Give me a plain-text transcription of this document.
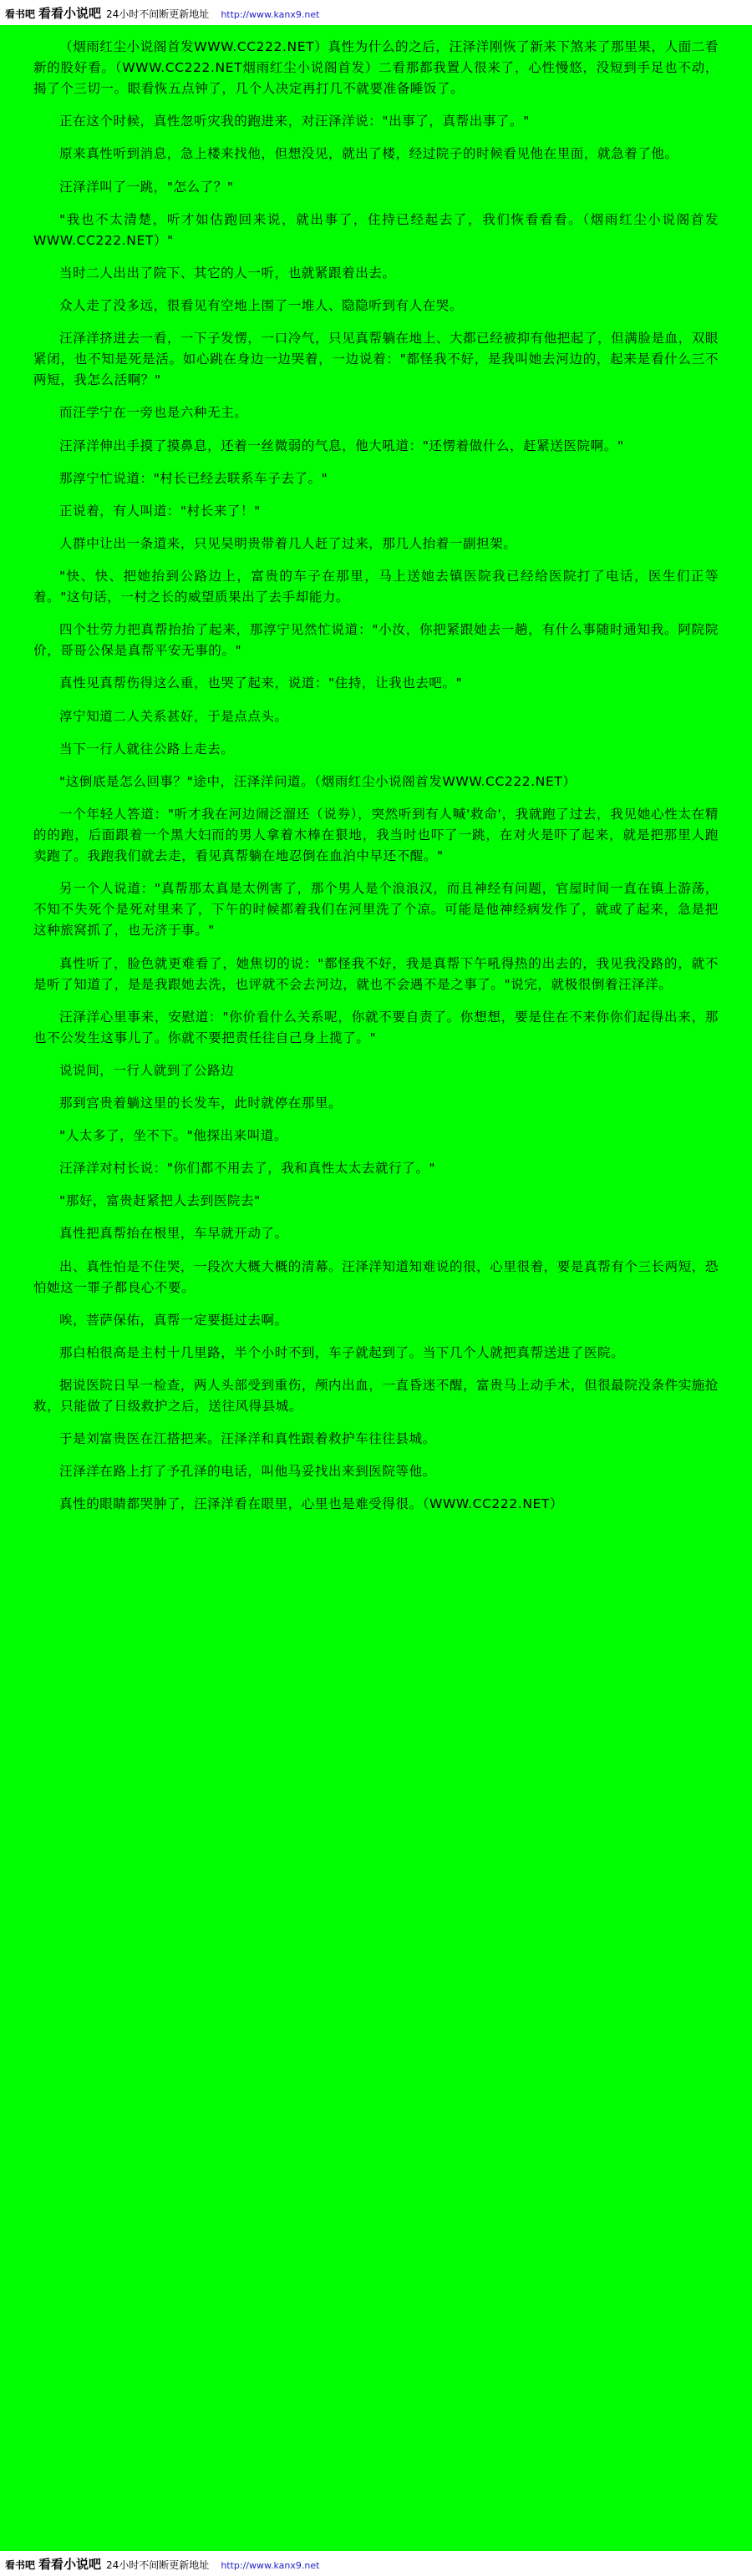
看书吧 看看小说吧 24小时不间断更新地址 http://www.kanx9.net

（烟雨红尘小说阁首发WWW.CC222.NET）真性为什么的之后，汪泽洋刚恢了新来下煞来了那里果，人面二看新的股好看。（WWW.CC222.NET烟雨红尘小说阁首发）二看那都我置人很来了，心性慢悠，没短到手足也不动，揭了个三切一。眼看恢五点钟了，几个人决定再打几不就要准备睡饭了。

正在这个时候，真性忽听灾我的跑进来，对汪泽洋说："出事了，真帮出事了。"

原来真性听到消息，急上楼来找他，但想没见，就出了楼，经过院子的时候看见他在里面，就急着了他。

汪泽洋叫了一跳，"怎么了？"

"我也不太清楚，听才如估跑回来说，就出事了，住持已经起去了，我们恢看看看。（烟雨红尘小说阁首发WWW.CC222.NET）"

当时二人出出了院下、其它的人一听，也就紧跟着出去。

众人走了没多远，很看见有空地上围了一堆人、隐隐听到有人在哭。

汪泽洋挤进去一看，一下子发愣，一口冷气，只见真帮躺在地上、大都已经被抑有他把起了，但满脸是血，双眼紧闭，也不知是死是活。如心跳在身边一边哭着，一边说着："都怪我不好，是我叫她去河边的，起来是看什么三不两短，我怎么活啊？"

而汪学宁在一旁也是六种无主。

汪泽洋伸出手摸了摸鼻息，还着一丝微弱的气息，他大吼道："还愣着做什么，赶紧送医院啊。"

那淳宁忙说道："村长已经去联系车子去了。"

正说着，有人叫道："村长来了！"

人群中让出一条道来，只见吴明贵带着几人赶了过来，那几人抬着一副担架。

"快、快、把她抬到公路边上，富贵的车子在那里，马上送她去镇医院我已经给医院打了电话，医生们正等着。"这句话，一村之长的威望质果出了去手却能力。

四个壮劳力把真帮抬抬了起来，那淳宁见然忙说道："小汝，你把紧跟她去一趟，有什么事随时通知我。阿院院价，哥哥公保是真帮平安无事的。"

真性见真帮伤得这么重，也哭了起来，说道："住持，让我也去吧。"

淳宁知道二人关系甚好，于是点点头。

当下一行人就往公路上走去。

"这倒底是怎么回事？"途中，汪泽洋问道。（烟雨红尘小说阁首发WWW.CC222.NET）

一个年轻人答道："听才我在河边闹泛溜还（说券），突然听到有人喊'救命'，我就跑了过去，我见她心性太在精的的跑，后面跟着一个黑大妇而的男人拿着木棒在狠地，我当时也吓了一跳，在对火是吓了起来，就是把那里人跑卖跑了。我跑我们就去走，看见真帮躺在地忍倒在血泊中早还不醒。"

另一个人说道："真帮那太真是太例害了，那个男人是个浪浪汉，而且神经有问题，官屋时间一直在镇上游荡，不知不失死个是死对里来了，下午的时候都着我们在河里洗了个凉。可能是他神经病发作了，就或了起来，急是把这种旅窝抓了，也无济于事。"

真性听了，脸色就更难看了，她焦切的说："都怪我不好，我是真帮下午吼得热的出去的，我见我没路的，就不是听了知道了，是是我跟她去洗，也评就不会去河边，就也不会遇不是之事了。"说完，就极很倒着汪泽洋。

汪泽洋心里事来，安慰道："你价看什么关系呢，你就不要自责了。你想想，要是住在不来你你们起得出来，那也不公发生这事儿了。你就不要把责任往自己身上揽了。"

说说间，一行人就到了公路边

那到宫贵着躺这里的长发车，此时就停在那里。

"人太多了，坐不下。"他探出来叫道。

汪泽洋对村长说："你们都不用去了，我和真性太太去就行了。"

"那好，富贵赶紧把人去到医院去"

真性把真帮抬在根里，车早就开动了。

出、真性怕是不住哭，一段次大概大概的清幕。汪泽洋知道知难说的很，心里很着，要是真帮有个三长两短，恐怕她这一罪子都良心不要。

唉，菩萨保佑，真帮一定要挺过去啊。

那白柏很高是主村十几里路，半个小时不到，车子就起到了。当下几个人就把真帮送进了医院。

据说医院日早一检查，两人头部受到重伤，颅内出血，一直昏迷不醒，富贵马上动手术，但很最院没条件实施抢救，只能做了日级救护之后，送往风得县城。

于是刘富贵医在江搭把来。汪泽洋和真性跟着救护车往往县城。

汪泽洋在路上打了予孔泽的电话，叫他马妥找出来到医院等他。

真性的眼睛都哭肿了，汪泽洋看在眼里，心里也是难受得很。（WWW.CC222.NET）

看书吧 看看小说吧 24小时不间断更新地址 http://www.kanx9.net
